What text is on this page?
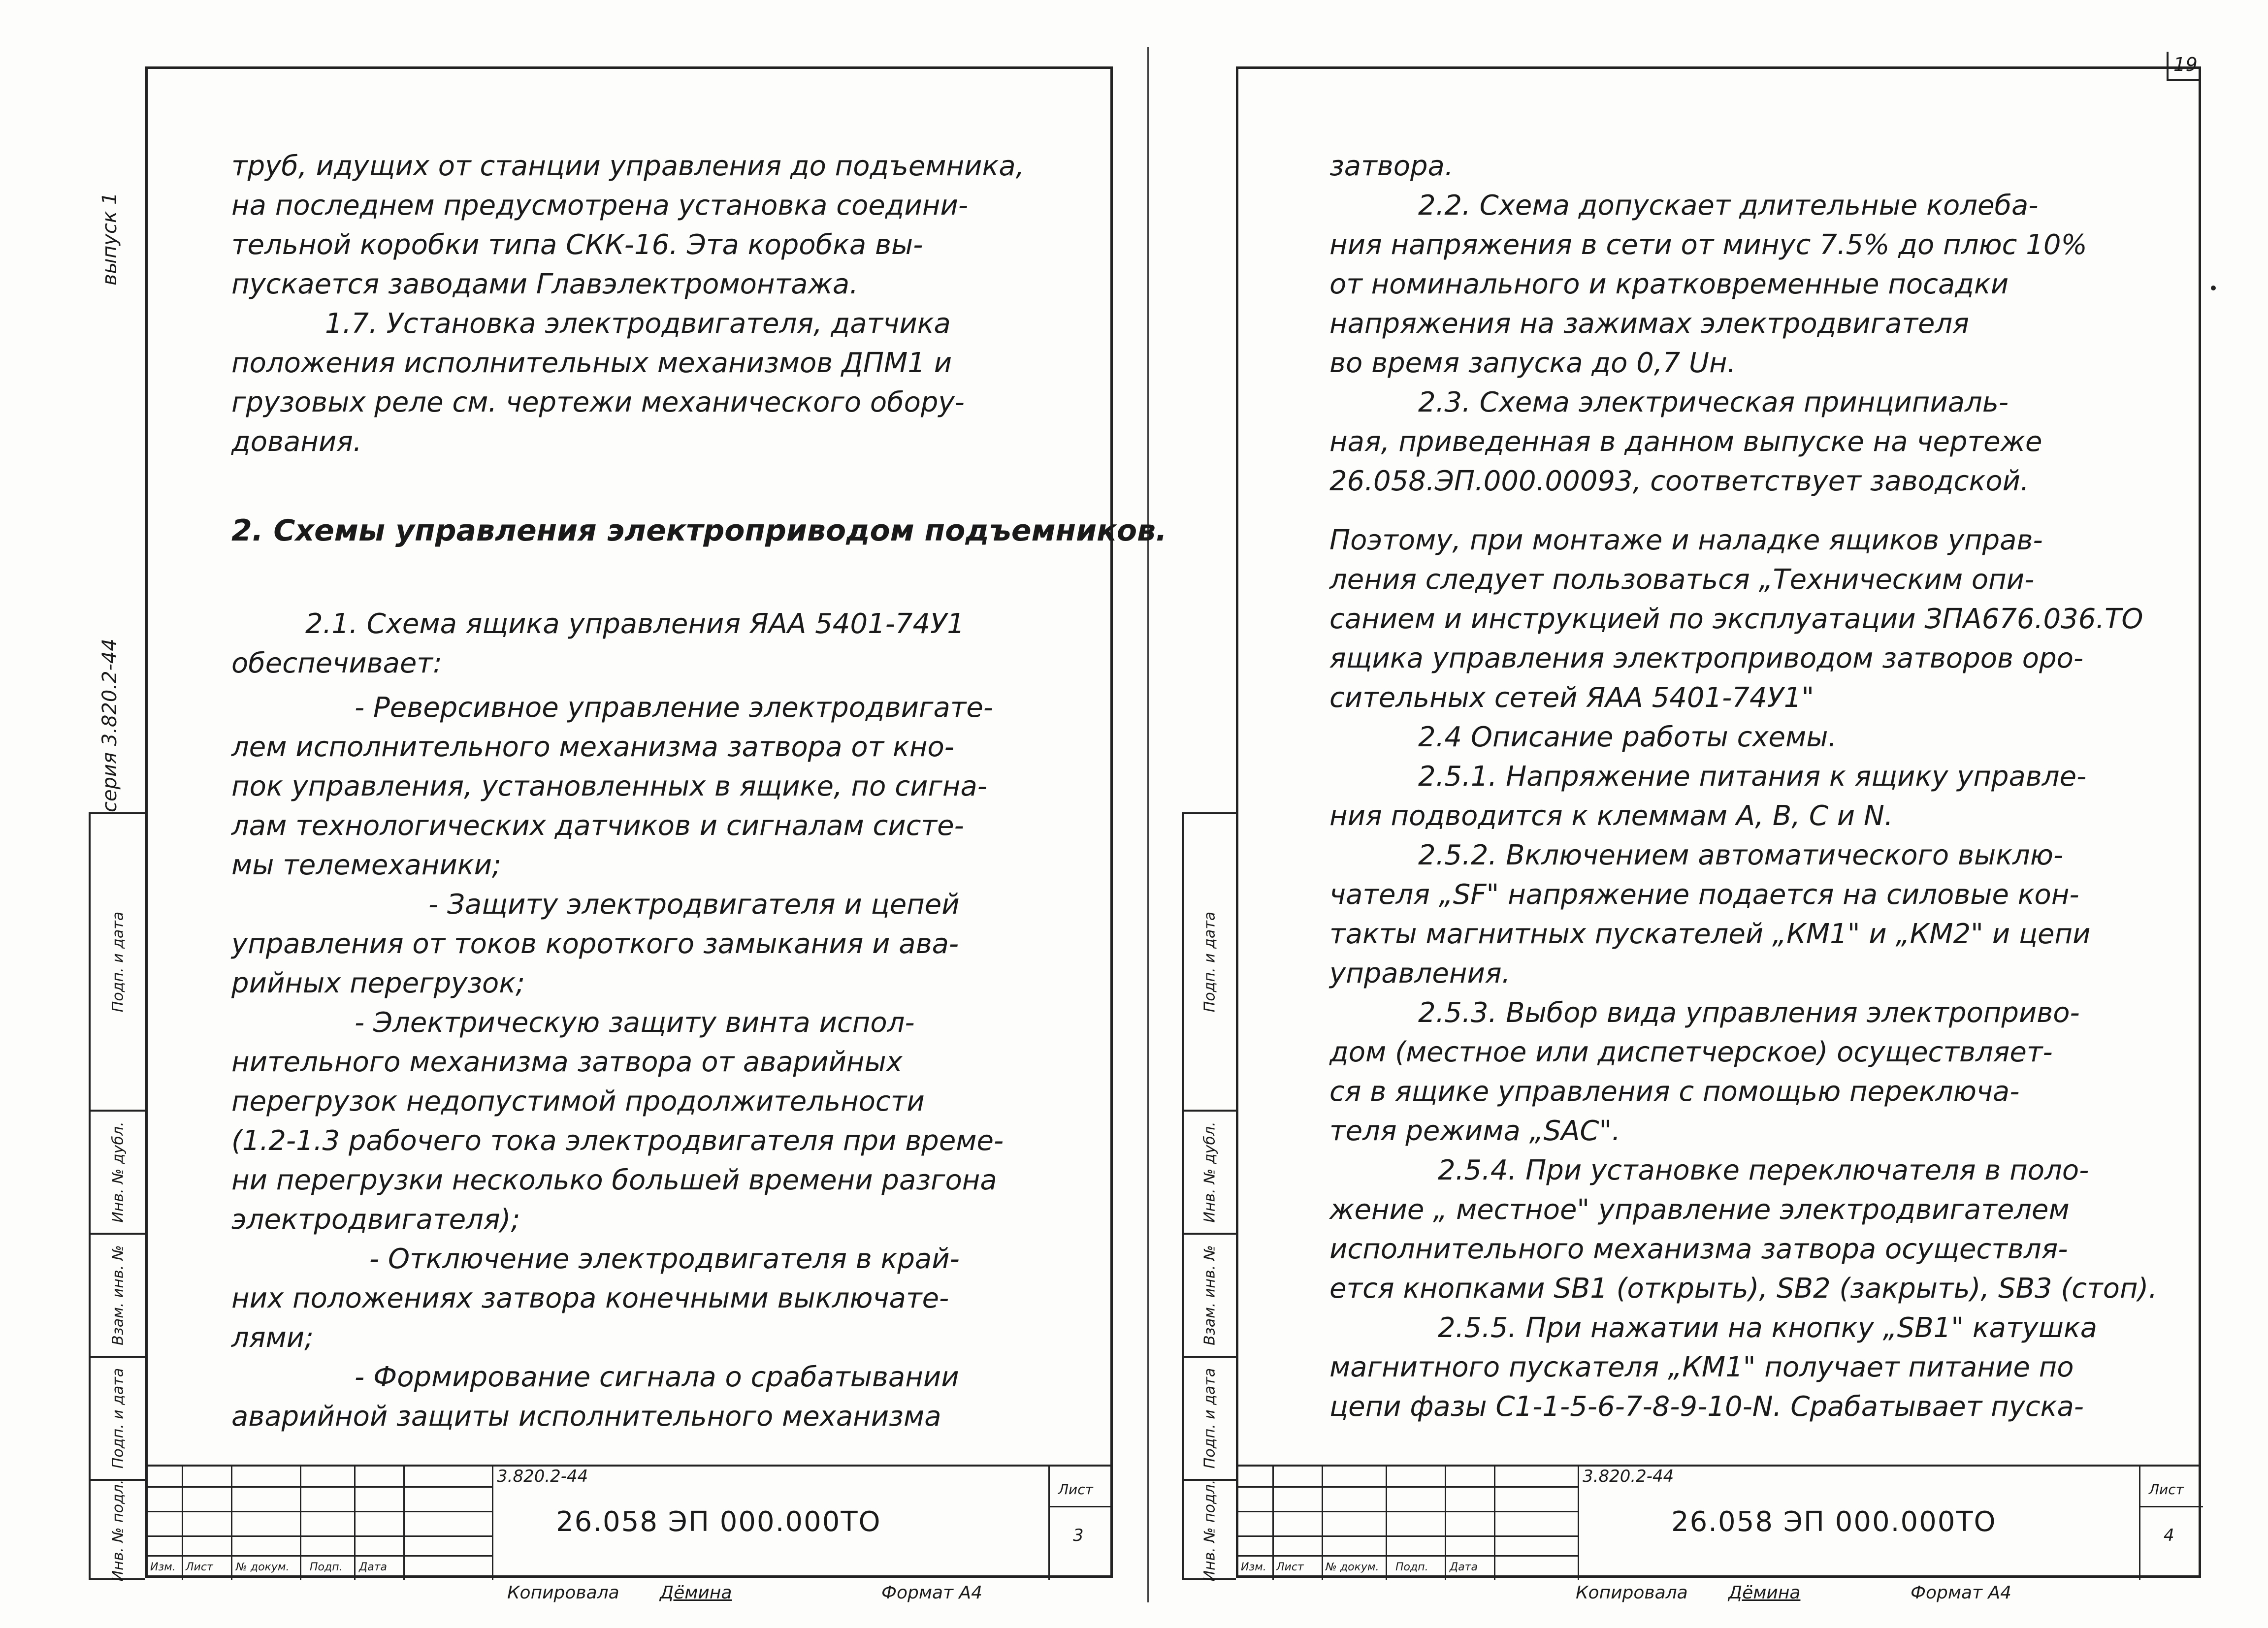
выпуск 1
серия 3.820.2-44
Подп. и дата
Инв. № дубл.
Взам. инв. №
Подп. и дата
Инв. № подл.
Подп. и дата
Инв. № дубл.
Взам. инв. №
Подп. и дата
Инв. № подл.
19
труб, идущих от станции управления до подъемника,
на последнем предусмотрена установка соедини-
тельной коробки типа СКК-16. Эта коробка вы-
пускается заводами Главэлектромонтажа.
1.7. Установка электродвигателя, датчика
положения исполнительных механизмов ДПМ1 и
грузовых реле см. чертежи механического обору-
дования.
2. Схемы управления электроприводом подъемников.
2.1. Схема ящика управления ЯАА 5401-74У1
обеспечивает:
- Реверсивное управление электродвигате-
лем исполнительного механизма затвора от кно-
пок управления, установленных в ящике, по сигна-
лам технологических датчиков и сигналам систе-
мы телемеханики;
- Защиту электродвигателя и цепей
управления от токов короткого замыкания и ава-
рийных перегрузок;
- Электрическую защиту винта испол-
нительного механизма затвора от аварийных
перегрузок недопустимой продолжительности
(1.2-1.3 рабочего тока электродвигателя при време-
ни перегрузки несколько большей времени разгона
электродвигателя);
- Отключение электродвигателя в край-
них положениях затвора конечными выключате-
лями;
- Формирование сигнала о срабатывании
аварийной защиты исполнительного механизма
Изм. Лист № докум. Подп. Дата
3.820.2-44
26.058 ЭП 000.000ТО
Лист
3
Копировала Дёмина	Формат А4
затвора.
2.2. Схема допускает длительные колеба-
ния напряжения в сети от минус 7.5% до плюс 10%
от номинального и кратковременные посадки
напряжения на зажимах электродвигателя
во время запуска до 0,7 Uн.
2.3. Схема электрическая принципиаль-
ная, приведенная в данном выпуске на чертеже
26.058.ЭП.000.00093, соответствует заводской.
Поэтому, при монтаже и наладке ящиков управ-
ления следует пользоваться „Техническим опи-
санием и инструкцией по эксплуатации ЗПА676.036.ТО
ящика управления электроприводом затворов оро-
сительных сетей ЯАА 5401-74У1"
2.4 Описание работы схемы.
2.5.1. Напряжение питания к ящику управле-
ния подводится к клеммам А, В, С и N.
2.5.2. Включением автоматического выклю-
чателя „SF" напряжение подается на силовые кон-
такты магнитных пускателей „КМ1" и „КМ2" и цепи
управления.
2.5.3. Выбор вида управления электроприво-
дом (местное или диспетчерское) осуществляет-
ся в ящике управления с помощью переключа-
теля режима „SAC".
2.5.4. При установке переключателя в поло-
жение „ местное" управление электродвигателем
исполнительного механизма затвора осуществля-
ется кнопками SB1 (открыть), SB2 (закрыть), SB3 (стоп).
2.5.5. При нажатии на кнопку „SB1" катушка
магнитного пускателя „КМ1" получает питание по
цепи фазы С1-1-5-6-7-8-9-10-N. Срабатывает пуска-
Изм. Лист № докум. Подп. Дата
3.820.2-44
26.058 ЭП 000.000ТО
Лист
4
Копировала Дёмина	Формат А4
